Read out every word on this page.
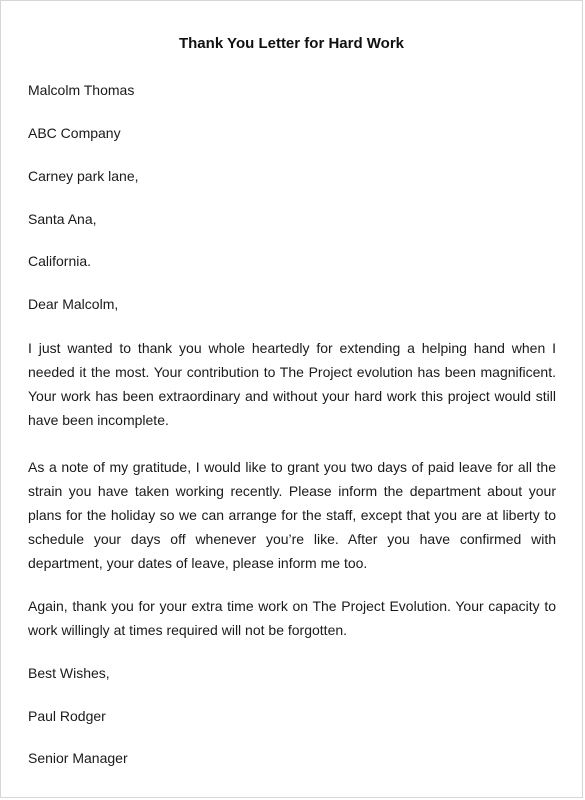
Thank You Letter for Hard Work

Malcolm Thomas

ABC Company

Carney park lane,

Santa Ana,

California.

Dear Malcolm,

I just wanted to thank you whole heartedly for extending a helping hand when I needed it the most. Your contribution to The Project evolution has been magnificent. Your work has been extraordinary and without your hard work this project would still have been incomplete.

As a note of my gratitude, I would like to grant you two days of paid leave for all the strain you have taken working recently. Please inform the department about your plans for the holiday so we can arrange for the staff, except that you are at liberty to schedule your days off whenever you’re like. After you have confirmed with department, your dates of leave, please inform me too.

Again, thank you for your extra time work on The Project Evolution. Your capacity to work willingly at times required will not be forgotten.

Best Wishes,

Paul Rodger

Senior Manager
